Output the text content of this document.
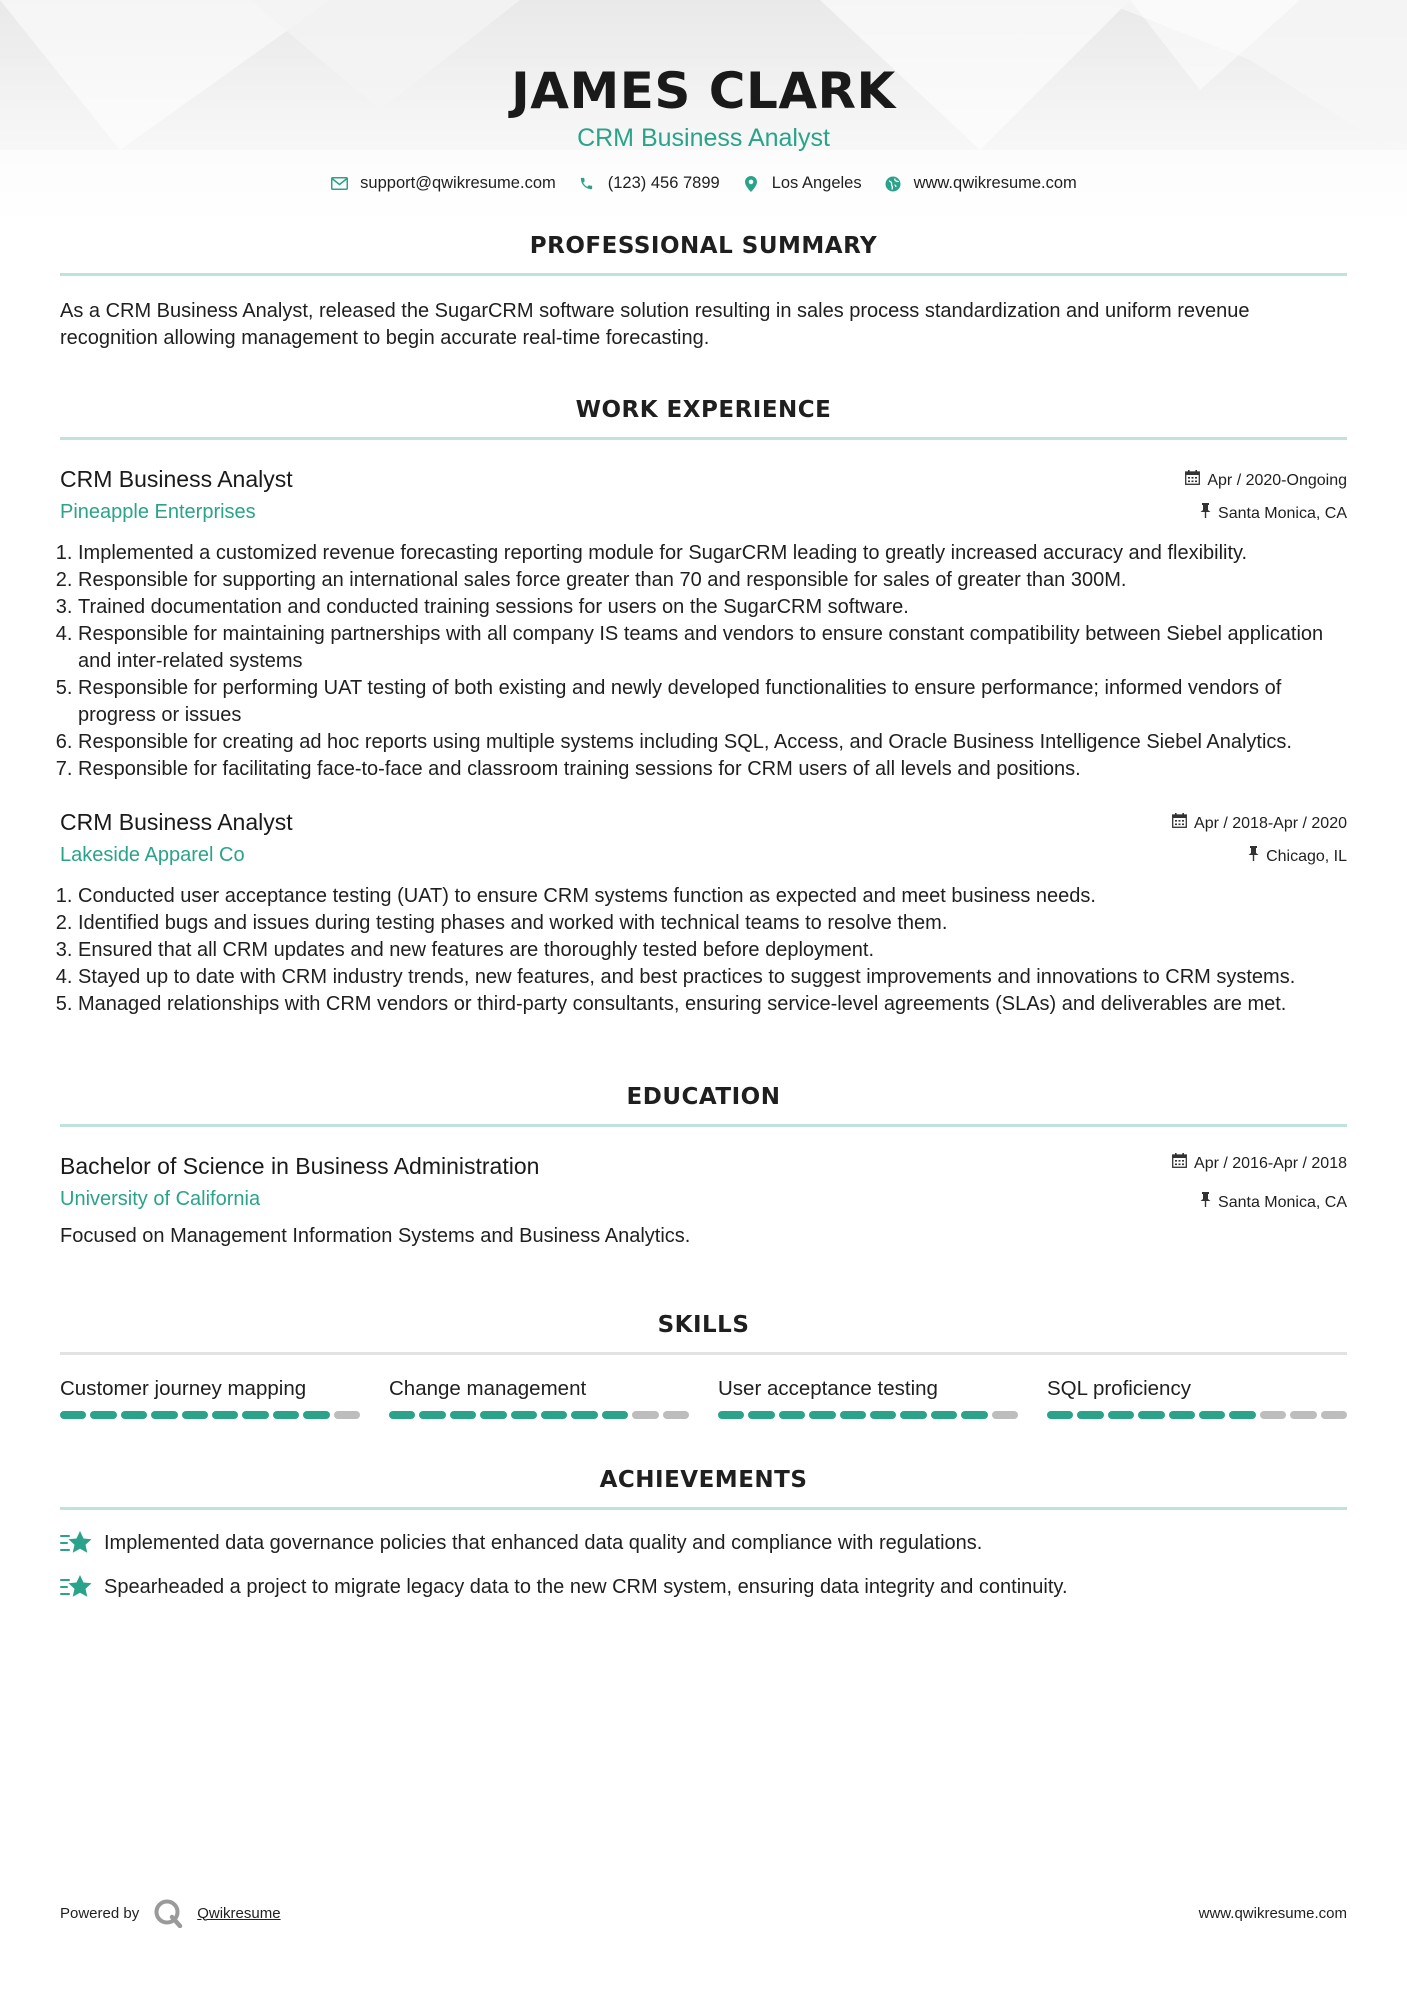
JAMES CLARK
CRM Business Analyst
support@qwikresume.com	(123) 456 7899	Los Angeles	www.qwikresume.com
PROFESSIONAL SUMMARY
As a CRM Business Analyst, released the SugarCRM software solution resulting in sales process standardization and uniform revenue recognition allowing management to begin accurate real-time forecasting.
WORK EXPERIENCE
CRM Business Analyst
Pineapple Enterprises
Apr / 2020-Ongoing
Santa Monica, CA
1. Implemented a customized revenue forecasting reporting module for SugarCRM leading to greatly increased accuracy and flexibility.
2. Responsible for supporting an international sales force greater than 70 and responsible for sales of greater than 300M.
3. Trained documentation and conducted training sessions for users on the SugarCRM software.
4. Responsible for maintaining partnerships with all company IS teams and vendors to ensure constant compatibility between Siebel application and inter-related systems
5. Responsible for performing UAT testing of both existing and newly developed functionalities to ensure performance; informed vendors of progress or issues
6. Responsible for creating ad hoc reports using multiple systems including SQL, Access, and Oracle Business Intelligence Siebel Analytics.
7. Responsible for facilitating face-to-face and classroom training sessions for CRM users of all levels and positions.
CRM Business Analyst
Lakeside Apparel Co
Apr / 2018-Apr / 2020
Chicago, IL
1. Conducted user acceptance testing (UAT) to ensure CRM systems function as expected and meet business needs.
2. Identified bugs and issues during testing phases and worked with technical teams to resolve them.
3. Ensured that all CRM updates and new features are thoroughly tested before deployment.
4. Stayed up to date with CRM industry trends, new features, and best practices to suggest improvements and innovations to CRM systems.
5. Managed relationships with CRM vendors or third-party consultants, ensuring service-level agreements (SLAs) and deliverables are met.
EDUCATION
Bachelor of Science in Business Administration
University of California
Apr / 2016-Apr / 2018
Santa Monica, CA
Focused on Management Information Systems and Business Analytics.
SKILLS
Customer journey mapping	Change management	User acceptance testing	SQL proficiency
ACHIEVEMENTS
Implemented data governance policies that enhanced data quality and compliance with regulations.
Spearheaded a project to migrate legacy data to the new CRM system, ensuring data integrity and continuity.
Powered by	Qwikresume	www.qwikresume.com
